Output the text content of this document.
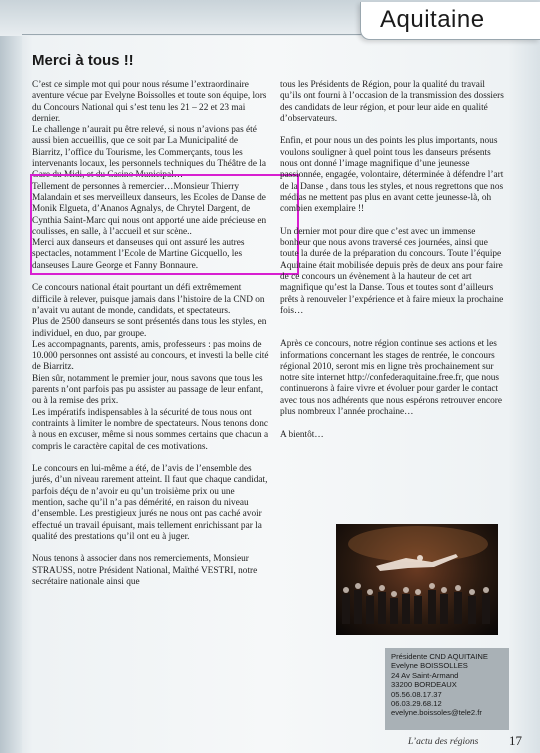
Aquitaine
Merci à tous !!

C’est ce simple mot qui pour nous résume l’extraordinaire aventure vécue par Evelyne Boissolles et toute son équipe, lors du Concours National qui s’est tenu les 21 – 22 et 23 mai dernier.

Le challenge n’aurait pu être relevé, si nous n’avions pas été aussi bien accueillis, que ce soit par La Municipalité de Biarritz, l’office du Tourisme, les Commerçants, tous les intervenants locaux, les personnels techniques du Théâtre de la Gare du Midi, et du Casino Municipal…

Tellement de personnes à remercier…Monsieur Thierry Malandain et ses merveilleux danseurs, les Ecoles de Danse de Monik Elgueta, d’Ananos Agnalys, de Chrytel Dargent, de Cynthia Saint-Marc qui nous ont apporté une aide précieuse en coulisses, en salle, à l’accueil et sur scène..

Merci aux danseurs et danseuses qui ont assuré les autres spectacles, notamment l’Ecole de Martine Gicquello, les danseuses Laure George et Fanny Bonnaure.

Ce concours national était pourtant un défi extrêmement difficile à relever, puisque jamais dans l’histoire de la CND on n’avait vu autant de monde, candidats, et spectateurs.

Plus de 2500 danseurs se sont présentés dans tous les styles, en individuel, en duo, par groupe.

Les accompagnants, parents, amis, professeurs : pas moins de 10.000 personnes ont assisté au concours, et investi la belle cité de Biarritz.

Bien sûr, notamment le premier jour, nous savons que tous les parents n’ont parfois pas pu assister au passage de leur enfant, ou à la remise des prix.

Les impératifs indispensables à la sécurité de tous nous ont contraints à limiter le nombre de spectateurs. Nous tenons donc à nous en excuser, même si nous sommes certains que chacun a compris le caractère capital de ces motivations.

Le concours en lui-même a été, de l’avis de l’ensemble des jurés, d’un niveau rarement atteint. Il faut que chaque candidat, parfois déçu de n’avoir eu qu’un troisième prix ou une mention, sache qu’il n’a pas démérité, en raison du niveau d’ensemble. Les prestigieux jurés ne nous ont pas caché avoir effectué un travail épuisant, mais tellement enrichissant par la qualité des prestations qu’il ont eu à juger.

Nous tenons à associer dans nos remerciements, Monsieur STRAUSS, notre Président National, Maïthé VESTRI, notre secrétaire nationale ainsi que

tous les Présidents de Région, pour la qualité du travail qu’ils ont fourni à l’occasion de la transmission des dossiers des candidats de leur région, et pour leur aide en qualité d’observateurs.

Enfin, et pour nous un des points les plus importants, nous voulons souligner à quel point tous les danseurs présents nous ont donné l’image magnifique d’une jeunesse passionnée, engagée, volontaire, déterminée à défendre l’art de la Danse , dans tous les styles, et nous regrettons que nos médias ne mettent pas plus en avant cette jeunesse-là, oh combien exemplaire !!

Un dernier mot pour dire que c’est avec un immense bonheur que nous avons traversé ces journées, ainsi que toute la durée de la préparation du concours. Toute l’équipe Aquitaine était mobilisée depuis près de deux ans pour faire de ce concours un évènement à la hauteur de cet art magnifique qu’est la Danse. Tous et toutes sont d’ailleurs prêts à renouveler l’expérience et à faire mieux la prochaine fois…

Après ce concours, notre région continue ses actions et les informations concernant les stages de rentrée, le concours régional 2010, seront mis en ligne très prochainement sur notre site internet http://confederaquitaine.free.fr, que nous continuerons à faire vivre et évoluer pour garder le contact avec tous nos adhérents que nous espérons retrouver encore plus nombreux l’année prochaine…

A bientôt…

Présidente CND AQUITAINE
Evelyne BOISSOLLES
24 Av Saint-Armand
33200 BORDEAUX
05.56.08.17.37
06.03.29.68.12
evelyne.boissoles@tele2.fr
L’actu des régions 17
